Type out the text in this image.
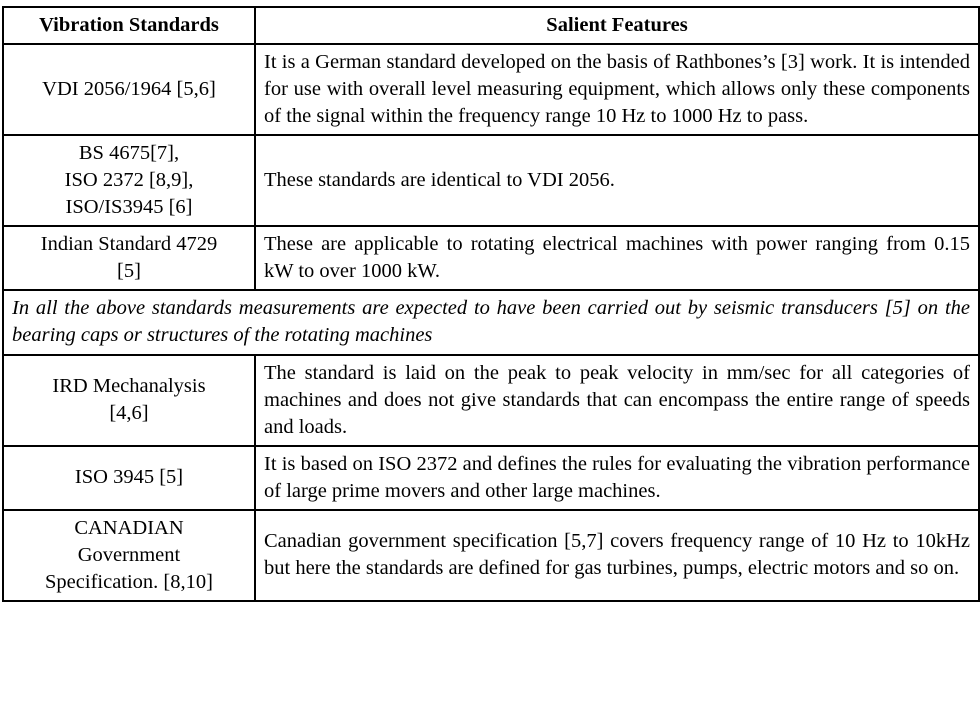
Vibration Standards	Salient Features
VDI 2056/1964 [5,6]	It is a German standard developed on the basis of Rathbones’s [3] work. It is intended for use with overall level measuring equipment, which allows only these components of the signal within the frequency range 10 Hz to 1000 Hz to pass.

BS 4675[7],
ISO 2372 [8,9],
ISO/IS3945 [6]	These standards are identical to VDI 2056.

Indian Standard 4729
[5]	These are applicable to rotating electrical machines with power ranging from 0.15 kW to over 1000 kW.
In all the above standards measurements are expected to have been carried out by seismic transducers [5] on the bearing caps or structures of the rotating machines	

IRD Mechanalysis
[4,6]	The standard is laid on the peak to peak velocity in mm/sec for all categories of machines and does not give standards that can encompass the entire range of speeds and loads.
ISO 3945 [5]	It is based on ISO 2372 and defines the rules for evaluating the vibration performance of large prime movers and other large machines.

CANADIAN
Government
Specification. [8,10]	Canadian government specification [5,7] covers frequency range of 10 Hz to 10kHz but here the standards are defined for gas turbines, pumps, electric motors and so on.
